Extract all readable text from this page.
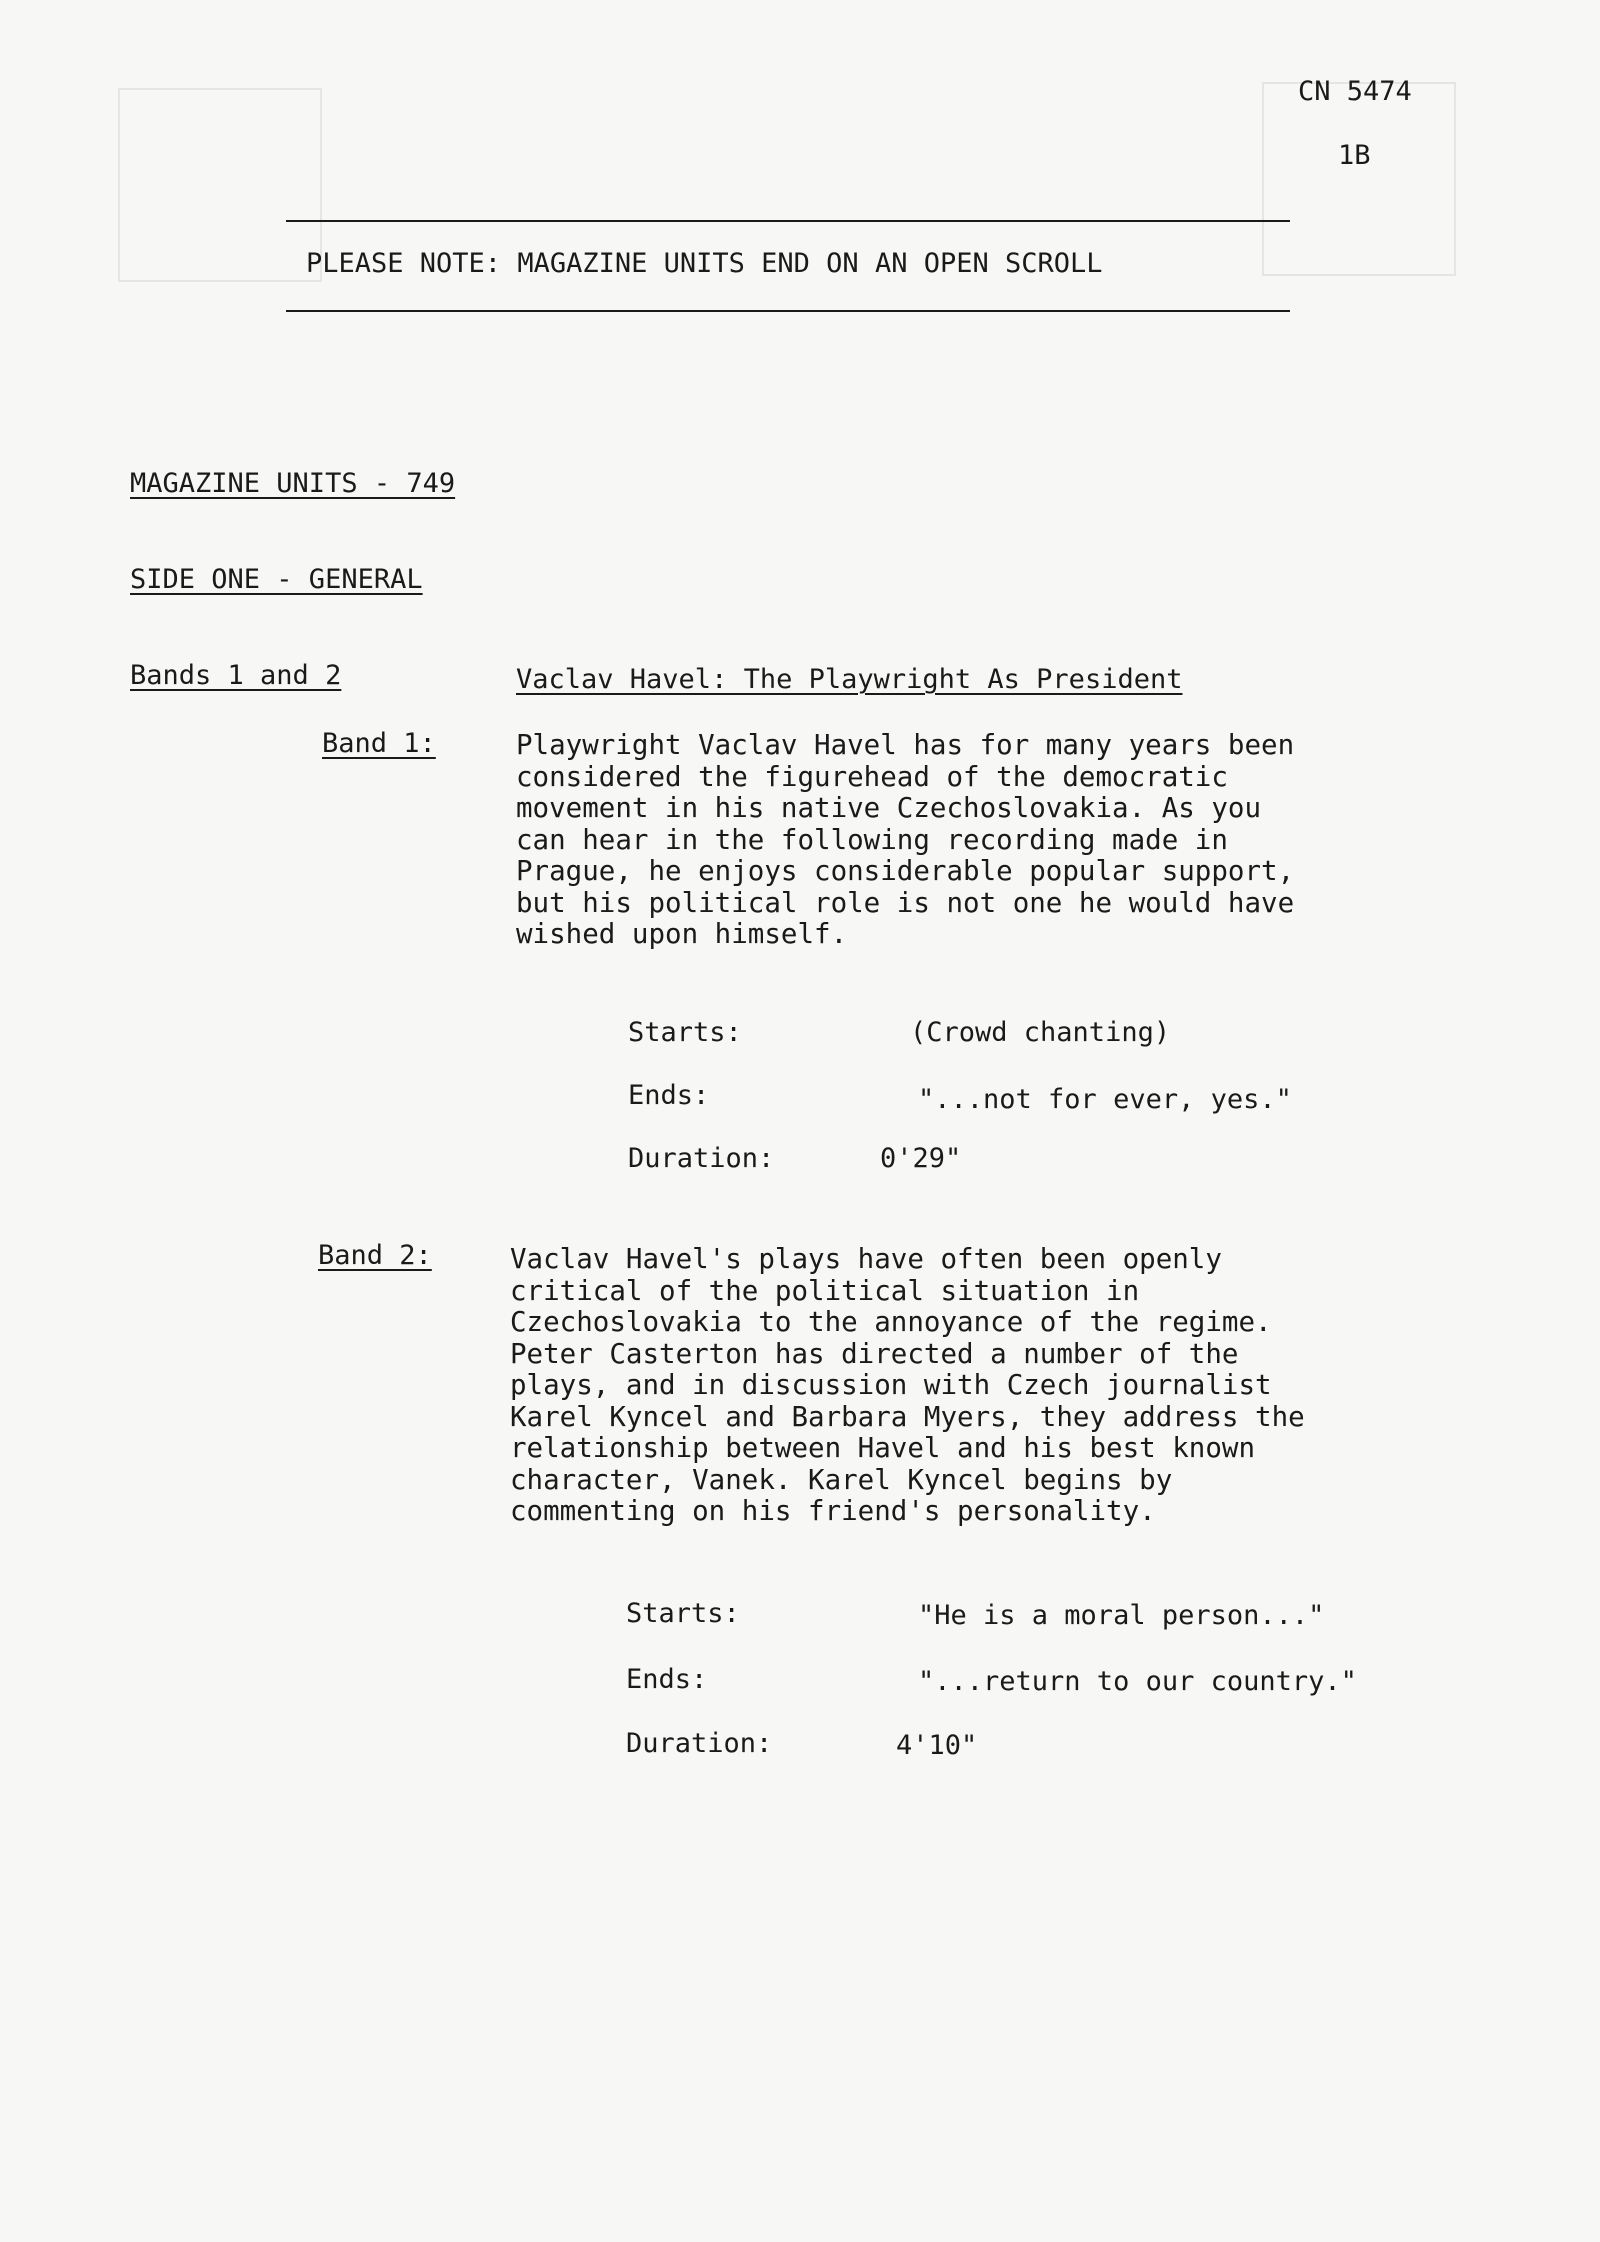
CN 5474
1B
PLEASE NOTE: MAGAZINE UNITS END ON AN OPEN SCROLL
MAGAZINE UNITS - 749
SIDE ONE - GENERAL
Bands 1 and 2	Vaclav Havel: The Playwright As President
Band 1:	Playwright Vaclav Havel has for many years been
considered the figurehead of the democratic
movement in his native Czechoslovakia. As you
can hear in the following recording made in
Prague, he enjoys considerable popular support,
but his political role is not one he would have
wished upon himself.
Starts:	(Crowd chanting)
Ends:	"...not for ever, yes."
Duration:	0'29"
Band 2:	Vaclav Havel's plays have often been openly
critical of the political situation in
Czechoslovakia to the annoyance of the regime.
Peter Casterton has directed a number of the
plays, and in discussion with Czech journalist
Karel Kyncel and Barbara Myers, they address the
relationship between Havel and his best known
character, Vanek. Karel Kyncel begins by
commenting on his friend's personality.
Starts:	"He is a moral person..."
Ends:	"...return to our country."
Duration:	4'10"
